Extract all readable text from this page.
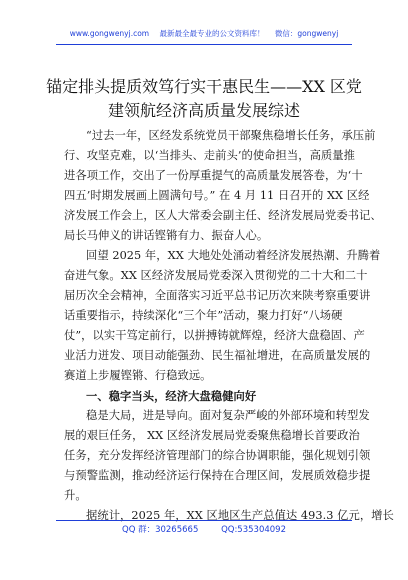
www.gongwenyj.com 最新最全最专业的公文资料库！ 微信：gongwenyj
锚定排头提质效笃行实干惠民生——XX 区党
建领航经济高质量发展综述
“过去一年，区经发系统党员干部聚焦稳增长任务，承压前
行、攻坚克难，以‘当排头、走前头’的使命担当，高质量推
进各项工作，交出了一份厚重提气的高质量发展答卷，为‘十
四五’时期发展画上圆满句号。” 在 4 月 11 日召开的 XX 区经
济发展工作会上，区人大常委会副主任、经济发展局党委书记、
局长马伸义的讲话铿锵有力、振奋人心。
回望 2025 年，XX 大地处处涌动着经济发展热潮、升腾着
奋进气象。XX 区经济发展局党委深入贯彻党的二十大和二十
届历次全会精神，全面落实习近平总书记历次来陕考察重要讲
话重要指示，持续深化“三个年”活动，聚力打好“八场硬
仗”，以实干笃定前行，以拼搏铸就辉煌，经济大盘稳固、产
业活力迸发、项目动能强劲、民生福祉增进，在高质量发展的
赛道上步履铿锵、行稳致远。
一、稳字当头，经济大盘稳健向好
稳是大局，进是导向。面对复杂严峻的外部环境和转型发
展的艰巨任务， XX 区经济发展局党委聚焦稳增长首要政治
任务，充分发挥经济管理部门的综合协调职能，强化规划引领
与预警监测，推动经济运行保持在合理区间，发展质效稳步提
升。
据统计，2025 年，XX 区地区生产总值达 493.3 亿元，增长
QQ 群：30265665	QQ:535304092
